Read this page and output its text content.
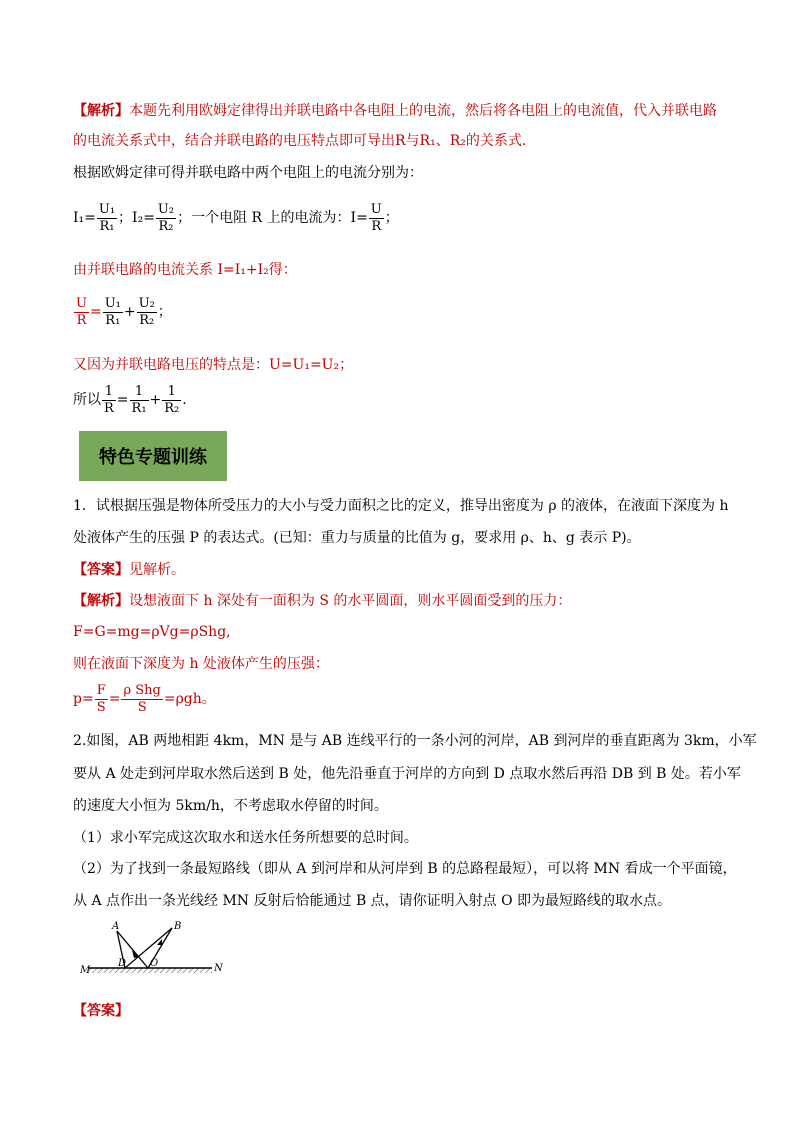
【解析】本题先利用欧姆定律得出并联电路中各电阻上的电流，然后将各电阻上的电流值，代入并联电路
的电流关系式中，结合并联电路的电压特点即可导出R与R₁、R₂的关系式．
根据欧姆定律可得并联电路中两个电阻上的电流分别为：
$I_1= \frac{\text{U₁}}{\text{R₁}}$ ；$I_2= \frac{\text{U₂}}{\text{R₂}}$ ；一个电阻 R 上的电流为：$I= \frac{U}{R}$ ；
由并联电路的电流关系 I=I₁+I₂得：
$\frac{U}{R} = \frac{\text{U₁}}{\text{R₁}} + \frac{\text{U₂}}{\text{R₂}}$ ；
又因为并联电路电压的特点是：U=U₁=U₂；
所以 $\frac{1}{R} = \frac{1}{\text{R₁}} + \frac{1}{\text{R₂}}$ .
特色专题训练
1．试根据压强是物体所受压力的大小与受力面积之比的定义，推导出密度为 ρ 的液体，在液面下深度为 h
处液体产生的压强 P 的表达式。(已知：重力与质量的比值为 g，要求用 ρ、h、g 表示 P)。
【答案】见解析。
【解析】设想液面下 h 深处有一面积为 S 的水平圆面，则水平圆面受到的压力：
F=G=mg=ρVg=ρShg,
则在液面下深度为 h 处液体产生的压强：
$p= \frac{F}{S} = \frac{\text{ρ Shg}}{S} =\rho gh$。
2.如图，AB 两地相距 4km，MN 是与 AB 连线平行的一条小河的河岸，AB 到河岸的垂直距离为 3km，小军
要从 A 处走到河岸取水然后送到 B 处，他先沿垂直于河岸的方向到 D 点取水然后再沿 DB 到 B 处。若小军
的速度大小恒为 5km/h，不考虑取水停留的时间。
（1）求小军完成这次取水和送水任务所想要的总时间。
（2）为了找到一条最短路线（即从 A 到河岸和从河岸到 B 的总路程最短），可以将 MN 看成一个平面镜，
从 A 点作出一条光线经 MN 反射后恰能通过 B 点，请你证明入射点 O 即为最短路线的取水点。
A	B
D O
M	N
【答案】
